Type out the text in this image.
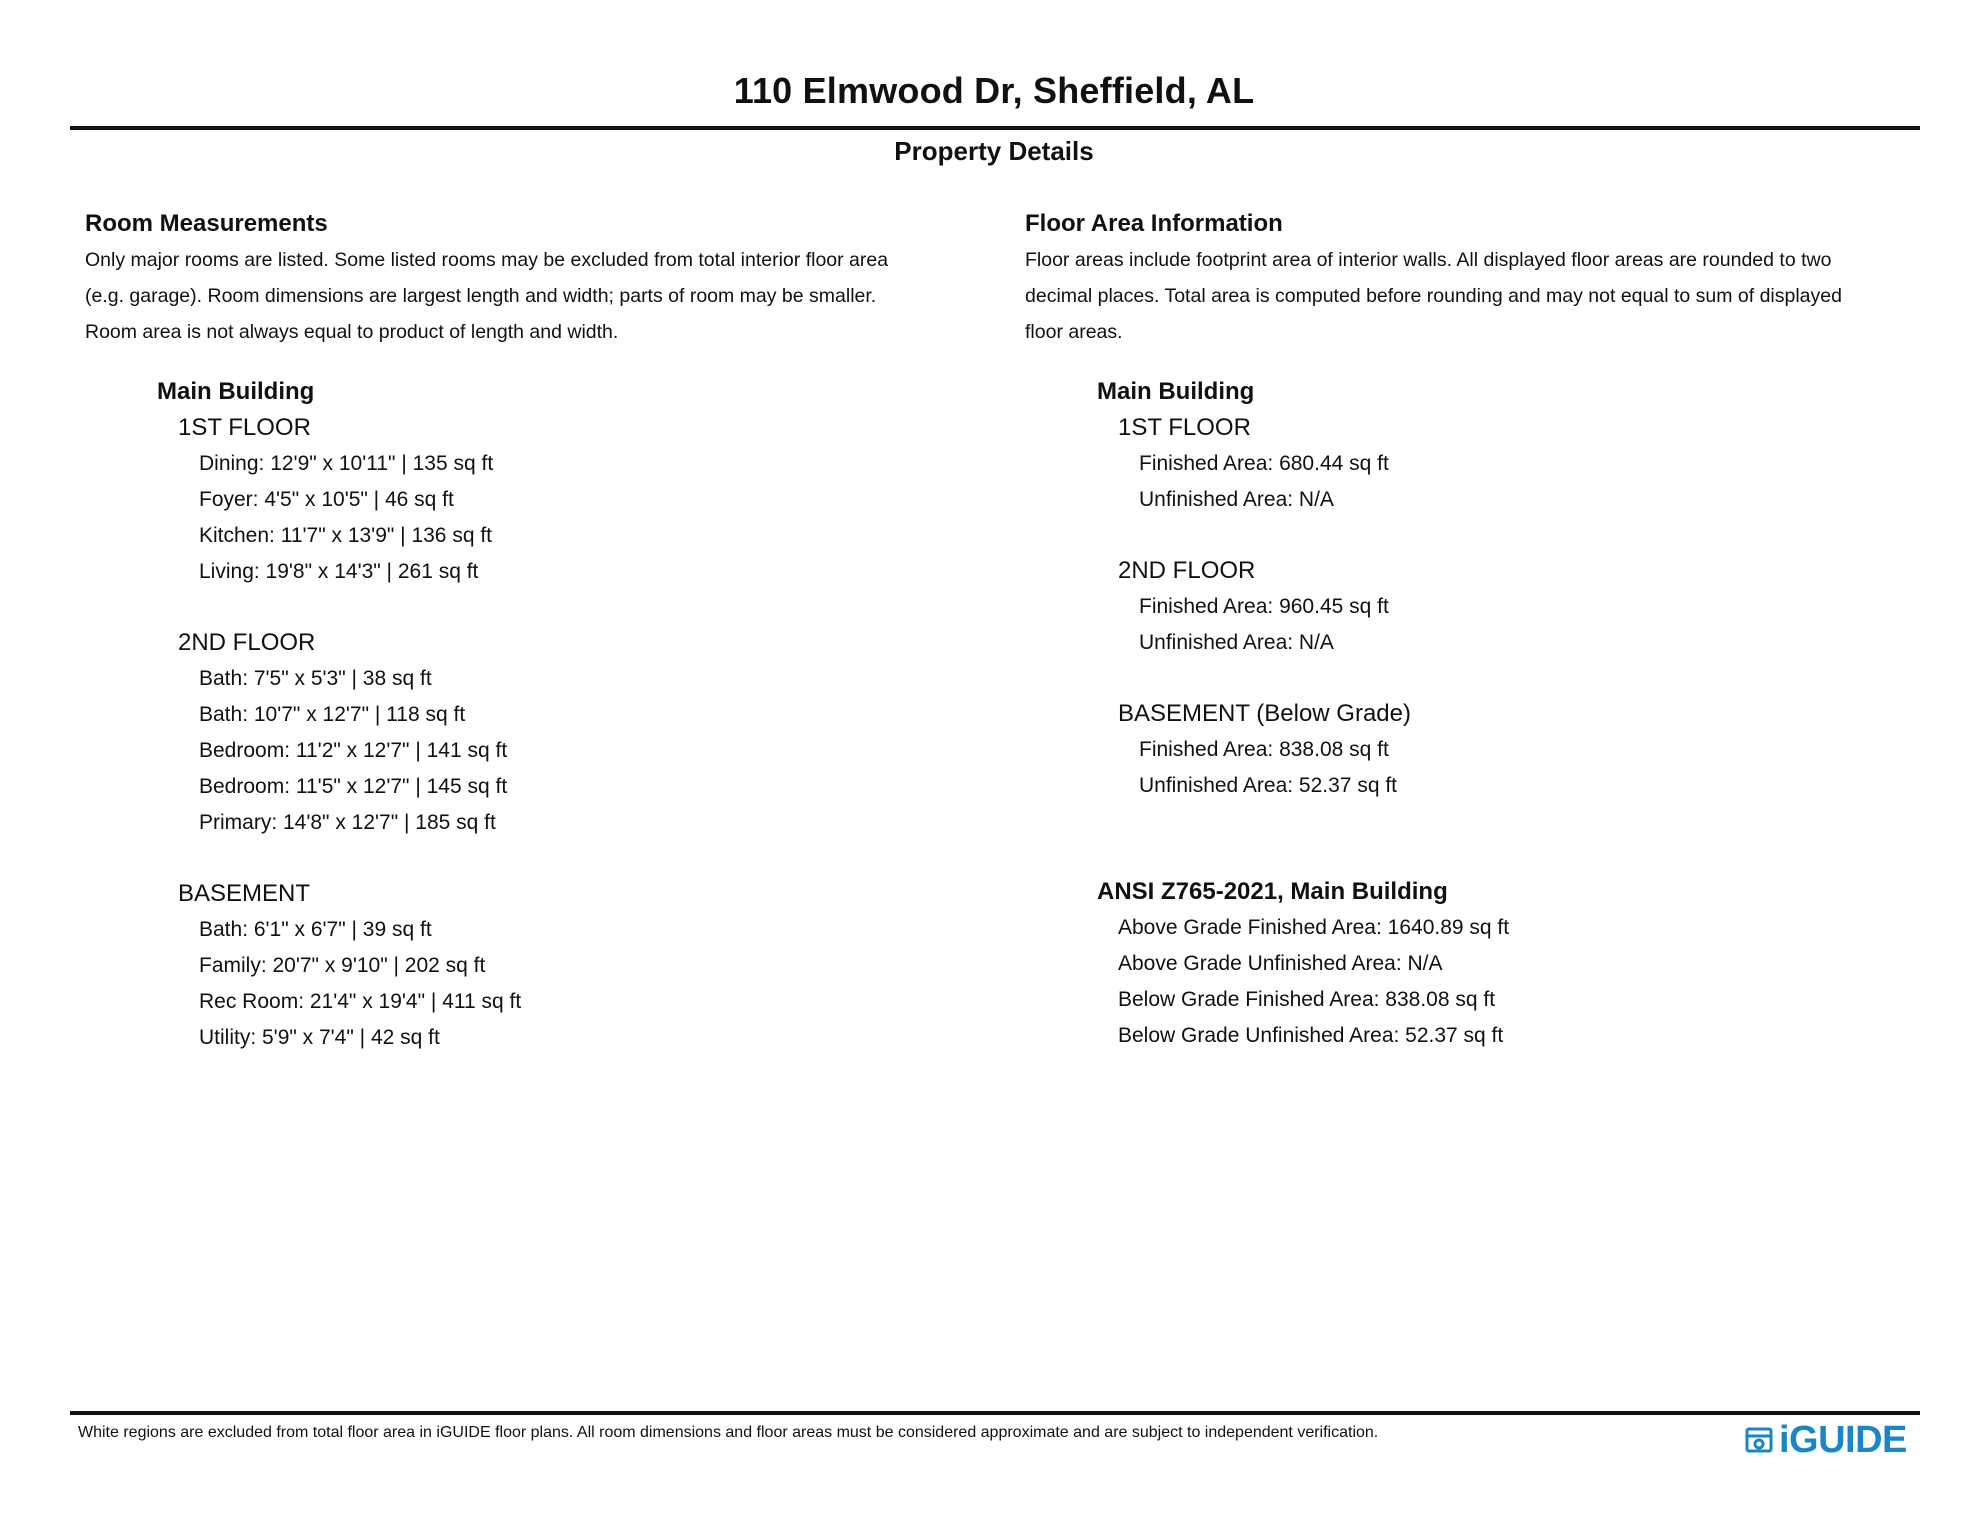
110 Elmwood Dr, Sheffield, AL
Property Details
Room Measurements

Only major rooms are listed. Some listed rooms may be excluded from total interior floor area
(e.g. garage). Room dimensions are largest length and width; parts of room may be smaller.
Room area is not always equal to product of length and width.

Main Building
1ST FLOOR
Dining: 12'9" x 10'11" | 135 sq ft
Foyer: 4'5" x 10'5" | 46 sq ft
Kitchen: 11'7" x 13'9" | 136 sq ft
Living: 19'8" x 14'3" | 261 sq ft
2ND FLOOR
Bath: 7'5" x 5'3" | 38 sq ft
Bath: 10'7" x 12'7" | 118 sq ft
Bedroom: 11'2" x 12'7" | 141 sq ft
Bedroom: 11'5" x 12'7" | 145 sq ft
Primary: 14'8" x 12'7" | 185 sq ft
BASEMENT
Bath: 6'1" x 6'7" | 39 sq ft
Family: 20'7" x 9'10" | 202 sq ft
Rec Room: 21'4" x 19'4" | 411 sq ft
Utility: 5'9" x 7'4" | 42 sq ft
Floor Area Information

Floor areas include footprint area of interior walls. All displayed floor areas are rounded to two
decimal places. Total area is computed before rounding and may not equal to sum of displayed
floor areas.

Main Building
1ST FLOOR
Finished Area: 680.44 sq ft
Unfinished Area: N/A
2ND FLOOR
Finished Area: 960.45 sq ft
Unfinished Area: N/A
BASEMENT (Below Grade)
Finished Area: 838.08 sq ft
Unfinished Area: 52.37 sq ft
ANSI Z765-2021, Main Building
Above Grade Finished Area: 1640.89 sq ft
Above Grade Unfinished Area: N/A
Below Grade Finished Area: 838.08 sq ft
Below Grade Unfinished Area: 52.37 sq ft
White regions are excluded from total floor area in iGUIDE floor plans. All room dimensions and floor areas must be considered approximate and are subject to independent verification.	iGUIDE
